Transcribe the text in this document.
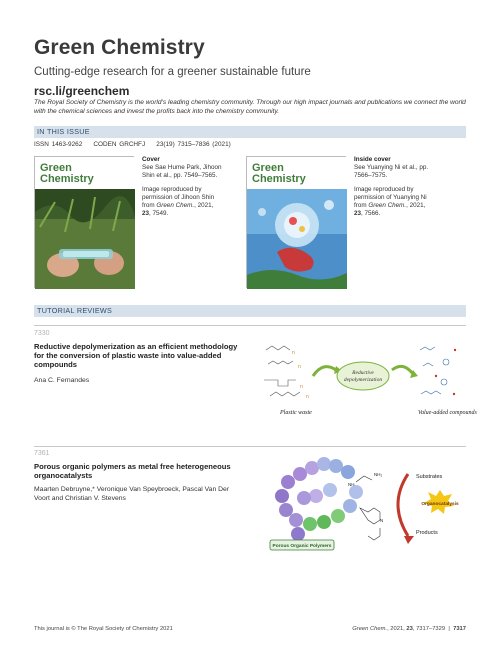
Green Chemistry
Cutting-edge research for a greener sustainable future
rsc.li/greenchem
The Royal Society of Chemistry is the world’s leading chemistry community. Through our high impact journals and publications we connect the world with the chemical sciences and invest the profits back into the chemistry community.
IN THIS ISSUE
ISSN 1463-9262 CODEN GRCHFJ 23(19) 7315–7836 (2021)
Green
Chemistry
Cover
See Sae Hume Park, Jihoon Shin et al., pp. 7549–7565.
Image reproduced by permission of Jihoon Shin from Green Chem., 2021, 23, 7549.
Green
Chemistry
Inside cover
See Yuanying Ni et al., pp. 7566–7575.
Image reproduced by permission of Yuanying Ni from Green Chem., 2021, 23, 7566.
TUTORIAL REVIEWS
7330
Reductive depolymerization as an efficient methodology for the conversion of plastic waste into value-added compounds
Ana C. Fernandes
n
n
n
n
Reductive
depolymerization
Plastic waste	Value-added compounds
7361
Porous organic polymers as metal free heterogeneous organocatalysts
Maarten Debruyne,* Veronique Van Speybroeck, Pascal Van Der Voort and Christian V. Stevens
NH₂
NH
N
Substrates
Organocatalysis
Products
Porous Organic Polymers
This journal is © The Royal Society of Chemistry 2021	Green Chem., 2021, 23, 7317–7329 | 7317
